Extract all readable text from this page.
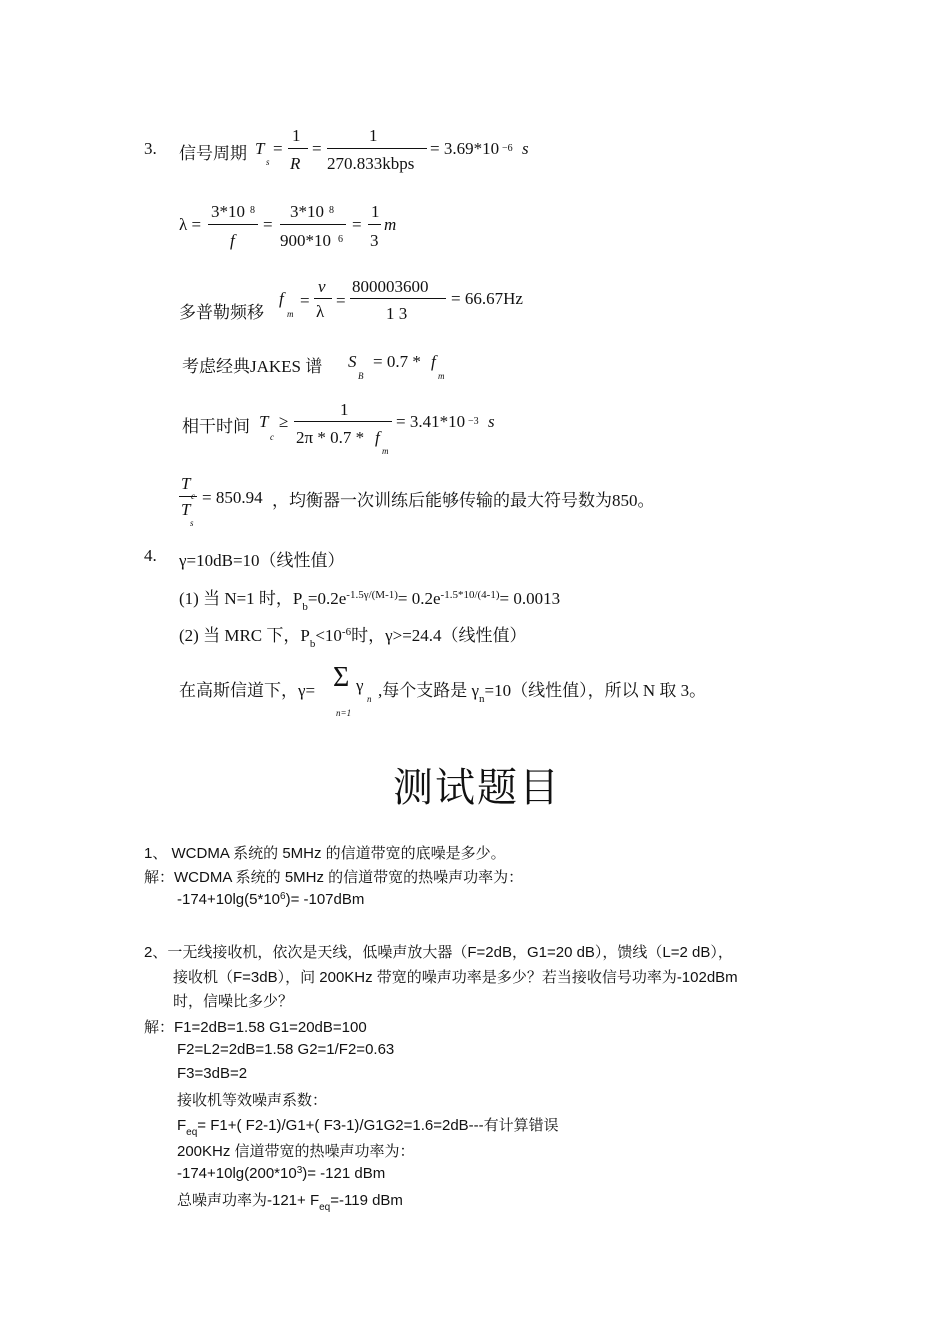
3. 信号周期 T
s
=
1
R
=
1
270.833kbps
= 3.69*10 −6 s
λ =
3*10 8
f
=
3*10 8
900*10 6
=
1
3
m
多普勒频移
f
m
=
v
λ
=
800003600
1 3
= 66.67Hz
考虑经典JAKES 谱 S
B
= 0.7 * f
m
相干时间 T
c
≥
1
2π * 0.7 * f
m
= 3.41*10 −3 s
T
T
s
= 850.94 ，均衡器一次训练后能够传输的最大符号数为850。
4. γ=10dB=10（线性值）
(1) 当 N=1 时，$P_b=0.2e^{-1.5\gamma/(M-1)}= 0.2e^{-1.5*10/(4-1)}= 0.0013$
(2) 当 MRC 下，$P_b<10^{-6}$时，γ>=24.4（线性值）
在高斯信道下，γ= Σ γ
n
n=1
,每个支路是 $\gamma_n=10$（线性值），所以 N 取 3。
测试题目
1、 WCDMA 系统的 5MHz 的信道带宽的底噪是多少。
解：WCDMA 系统的 5MHz 的信道带宽的热噪声功率为：
$-174+10\lg(5*10^6)= -107dBm$
2、一无线接收机，依次是天线，低噪声放大器（F=2dB，G1=20 dB），馈线（L=2 dB），
接收机（F=3dB），问 200KHz 带宽的噪声功率是多少？若当接收信号功率为-102dBm
时，信噪比多少？
解：F1=2dB=1.58 G1=20dB=100
F2=L2=2dB=1.58 G2=1/F2=0.63
F3=3dB=2
接收机等效噪声系数：
$F_{eq}= F1+$( F2-1)/G1+( F3-1)/G1G2=1.6=2dB---有计算错误
200KHz 信道带宽的热噪声功率为：
$-174+10\lg(200*10^3)= -121$ dBm
总噪声功率为$-121+ F_{eq}=-119$ dBm
